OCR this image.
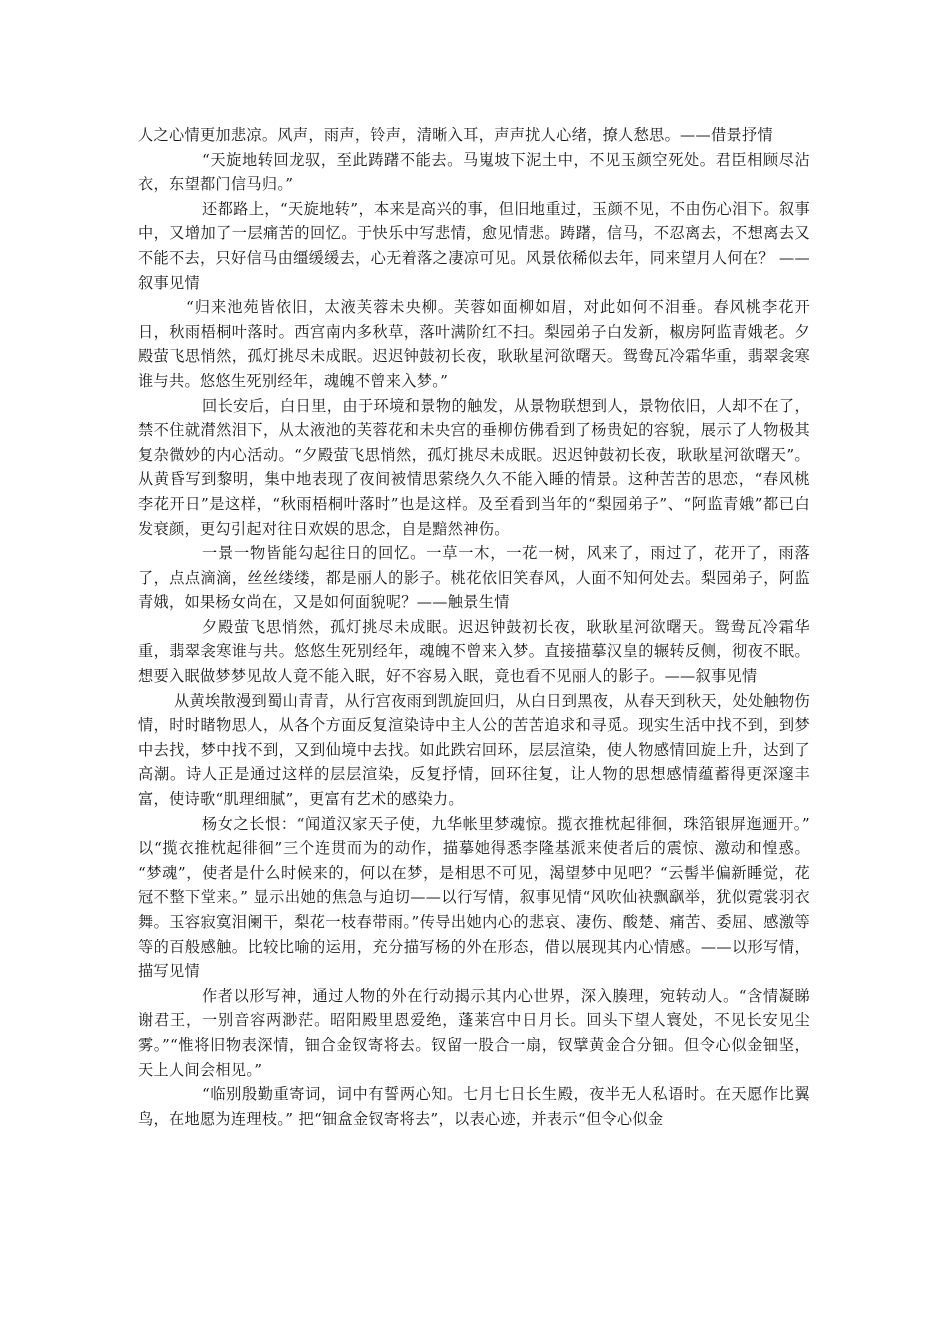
人之心情更加悲凉。风声，雨声，铃声，清晰入耳，声声扰人心绪，撩人愁思。——借景抒情

“天旋地转回龙驭，至此踌躇不能去。马嵬坡下泥土中，不见玉颜空死处。君臣相顾尽沾衣，东望都门信马归。”

还都路上，“天旋地转”，本来是高兴的事，但旧地重过，玉颜不见，不由伤心泪下。叙事中，又增加了一层痛苦的回忆。于快乐中写悲情，愈见情悲。踌躇，信马，不忍离去，不想离去又不能不去，只好信马由缰缓缓去，心无着落之凄凉可见。风景依稀似去年，同来望月人何在？ ——叙事见情

“归来池苑皆依旧，太液芙蓉未央柳。芙蓉如面柳如眉，对此如何不泪垂。春风桃李花开日，秋雨梧桐叶落时。西宫南内多秋草，落叶满阶红不扫。梨园弟子白发新，椒房阿监青娥老。夕殿萤飞思悄然，孤灯挑尽未成眠。迟迟钟鼓初长夜，耿耿星河欲曙天。鸳鸯瓦冷霜华重，翡翠衾寒谁与共。悠悠生死别经年，魂魄不曾来入梦。”

回长安后，白日里，由于环境和景物的触发，从景物联想到人，景物依旧，人却不在了，禁不住就潸然泪下，从太液池的芙蓉花和未央宫的垂柳仿佛看到了杨贵妃的容貌，展示了人物极其复杂微妙的内心活动。“夕殿萤飞思悄然，孤灯挑尽未成眠。迟迟钟鼓初长夜，耿耿星河欲曙天”。从黄昏写到黎明，集中地表现了夜间被情思萦绕久久不能入睡的情景。这种苦苦的思恋，“春风桃李花开日”是这样，“秋雨梧桐叶落时”也是这样。及至看到当年的“梨园弟子”、“阿监青娥”都已白发衰颜，更勾引起对往日欢娱的思念，自是黯然神伤。

一景一物皆能勾起往日的回忆。一草一木，一花一树，风来了，雨过了，花开了，雨落了，点点滴滴，丝丝缕缕，都是丽人的影子。桃花依旧笑春风，人面不知何处去。梨园弟子，阿监青娥，如果杨女尚在，又是如何面貌呢？——触景生情

夕殿萤飞思悄然，孤灯挑尽未成眠。迟迟钟鼓初长夜，耿耿星河欲曙天。鸳鸯瓦冷霜华重，翡翠衾寒谁与共。悠悠生死别经年，魂魄不曾来入梦。直接描摹汉皇的辗转反侧，彻夜不眠。想要入眠做梦梦见故人竟不能入眠，好不容易入眠，竟也看不见丽人的影子。——叙事见情

从黄埃散漫到蜀山青青，从行宫夜雨到凯旋回归，从白日到黑夜，从春天到秋天，处处触物伤情，时时睹物思人，从各个方面反复渲染诗中主人公的苦苦追求和寻觅。现实生活中找不到，到梦中去找，梦中找不到，又到仙境中去找。如此跌宕回环，层层渲染，使人物感情回旋上升，达到了高潮。诗人正是通过这样的层层渲染，反复抒情，回环往复，让人物的思想感情蕴蓄得更深邃丰富，使诗歌“肌理细腻”，更富有艺术的感染力。

杨女之长恨：“闻道汉家天子使，九华帐里梦魂惊。揽衣推枕起徘徊，珠箔银屏迤逦开。” 以“揽衣推枕起徘徊”三个连贯而为的动作，描摹她得悉李隆基派来使者后的震惊、激动和惶惑。 “梦魂”，使者是什么时候来的，何以在梦，是相思不可见，渴望梦中见吧？“云髻半偏新睡觉，花冠不整下堂来。” 显示出她的焦急与迫切——以行写情，叙事见情“风吹仙袂飘飖举，犹似霓裳羽衣舞。玉容寂寞泪阑干，梨花一枝春带雨。”传导出她内心的悲哀、凄伤、酸楚、痛苦、委屈、感激等等的百般感触。比较比喻的运用，充分描写杨的外在形态，借以展现其内心情感。——以形写情，描写见情

作者以形写神，通过人物的外在行动揭示其内心世界，深入腠理，宛转动人。“含情凝睇谢君王，一别音容两渺茫。昭阳殿里恩爱绝，蓬莱宫中日月长。回头下望人寰处，不见长安见尘雾。”“惟将旧物表深情，钿合金钗寄将去。钗留一股合一扇，钗擘黄金合分钿。但令心似金钿坚，天上人间会相见。”

“临别殷勤重寄词，词中有誓两心知。七月七日长生殿，夜半无人私语时。在天愿作比翼鸟，在地愿为连理枝。” 把“钿盒金钗寄将去”，以表心迹，并表示“但令心似金
